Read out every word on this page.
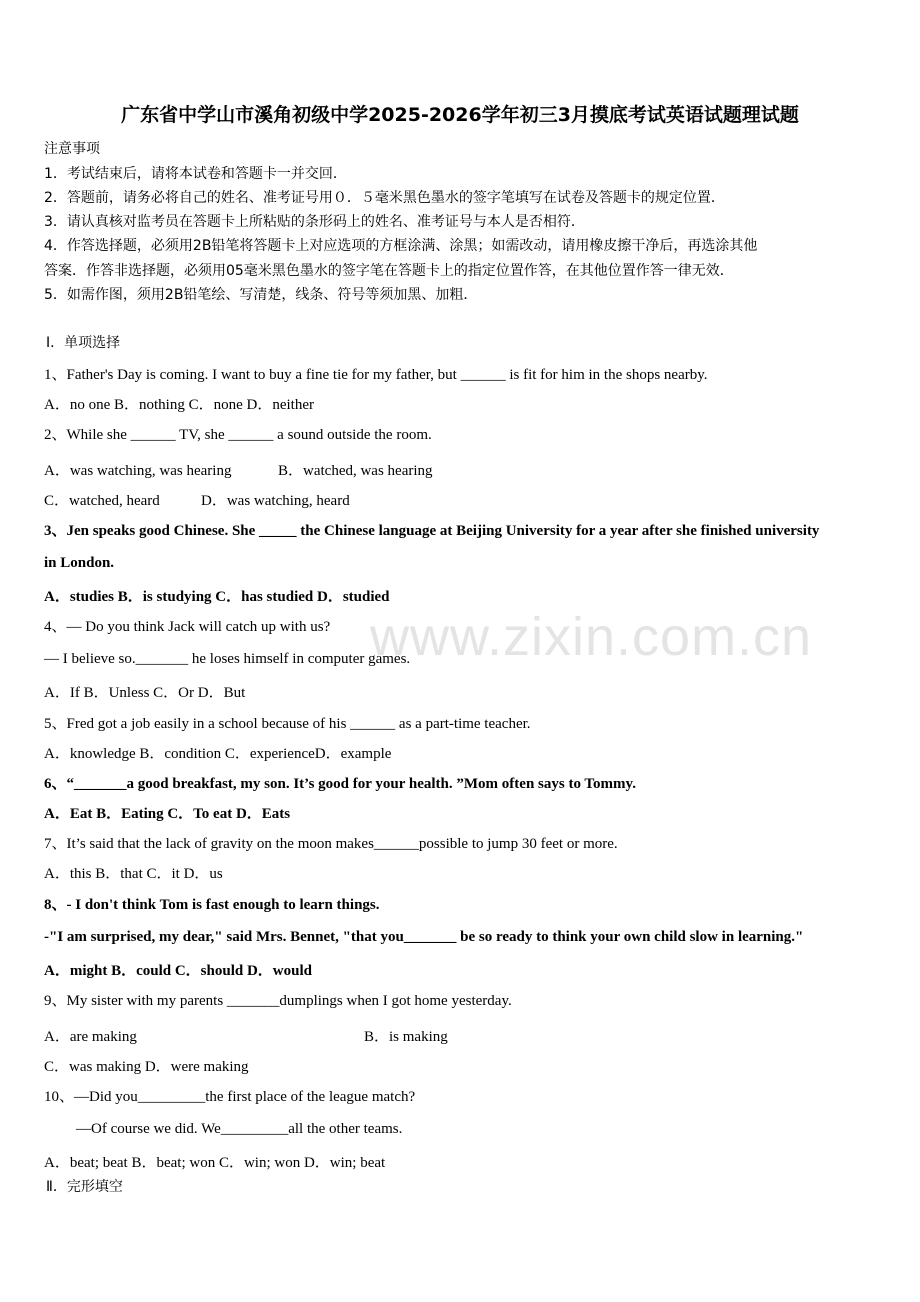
www.zixin.com.cn
广东省中学山市溪角初级中学2025-2026学年初三3月摸底考试英语试题理试题
注意事项
1．考试结束后，请将本试卷和答题卡一并交回．
2．答题前，请务必将自己的姓名、准考证号用０．５毫米黑色墨水的签字笔填写在试卷及答题卡的规定位置．
3．请认真核对监考员在答题卡上所粘贴的条形码上的姓名、准考证号与本人是否相符．
4．作答选择题，必须用2B铅笔将答题卡上对应选项的方框涂满、涂黑；如需改动，请用橡皮擦干净后，再选涂其他
答案．作答非选择题，必须用05毫米黑色墨水的签字笔在答题卡上的指定位置作答，在其他位置作答一律无效．
5．如需作图，须用2B铅笔绘、写清楚，线条、符号等须加黑、加粗．
Ⅰ．单项选择
1、Father's Day is coming. I want to buy a fine tie for my father, but ______ is fit for him in the shops nearby.
A．no one B．nothing C．none D．neither
2、While she ______ TV, she ______ a sound outside the room.
A．was watching, was hearing	B．watched, was hearing
C．watched, heard	D．was watching, heard
3、Jen speaks good Chinese. She _____ the Chinese language at Beijing University for a year after she finished university
in London.
A．studies B．is studying C．has studied D．studied
4、— Do you think Jack will catch up with us?
— I believe so._______ he loses himself in computer games.
A．If B．Unless C．Or D．But
5、Fred got a job easily in a school because of his ______ as a part-time teacher.
A．knowledge B．condition C．experienceD．example
6、“_______a good breakfast, my son. It’s good for your health. ”Mom often says to Tommy.
A．Eat B．Eating C．To eat D．Eats
7、It’s said that the lack of gravity on the moon makes______possible to jump 30 feet or more.
A．this B．that C．it D．us
8、- I don't think Tom is fast enough to learn things.
-"I am surprised, my dear," said Mrs. Bennet, "that you_______ be so ready to think your own child slow in learning."
A．might B．could C．should D．would
9、My sister with my parents _______dumplings when I got home yesterday.
A．are making	B．is making
C．was making D．were making
10、—Did you_________the first place of the league match?
—Of course we did. We_________all the other teams.
A．beat; beat B．beat; won C．win; won D．win; beat
Ⅱ．完形填空
